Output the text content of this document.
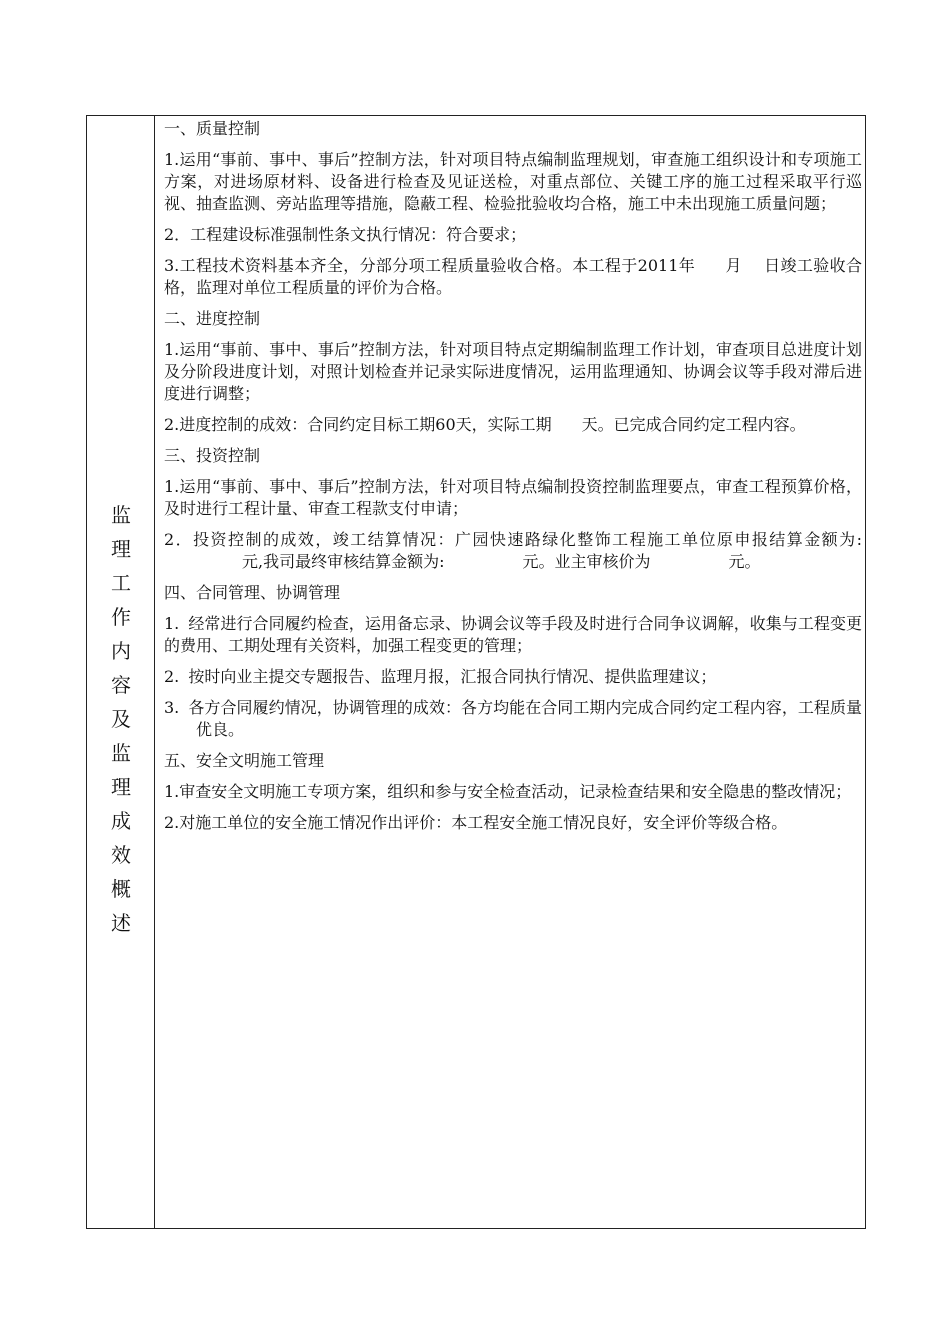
监
理
工
作
内
容
及
监
理
成
效
概
述
一、质量控制
1.运用“事前、事中、事后”控制方法，针对项目特点编制监理规划，审查施工组织设计和专项施工方案，对进场原材料、设备进行检查及见证送检，对重点部位、关键工序的施工过程采取平行巡视、抽查监测、旁站监理等措施，隐蔽工程、检验批验收均合格，施工中未出现施工质量问题；
2．工程建设标准强制性条文执行情况：符合要求；
3.工程技术资料基本齐全，分部分项工程质量验收合格。本工程于2011年 月 日竣工验收合格，监理对单位工程质量的评价为合格。
二、进度控制
1.运用“事前、事中、事后”控制方法，针对项目特点定期编制监理工作计划，审查项目总进度计划及分阶段进度计划，对照计划检查并记录实际进度情况，运用监理通知、协调会议等手段对滞后进度进行调整；
2.进度控制的成效：合同约定目标工期60天，实际工期 天。已完成合同约定工程内容。
三、投资控制
1.运用“事前、事中、事后”控制方法，针对项目特点编制投资控制监理要点，审查工程预算价格，及时进行工程计量、审查工程款支付申请；
2．投资控制的成效，竣工结算情况：广园快速路绿化整饰工程施工单位原申报结算金额为:元,我司最终审核结算金额为:	元。业主审核价为	元。
四、合同管理、协调管理
1. 经常进行合同履约检查，运用备忘录、协调会议等手段及时进行合同争议调解，收集与工程变更的费用、工期处理有关资料，加强工程变更的管理；
2. 按时向业主提交专题报告、监理月报，汇报合同执行情况、提供监理建议；
3. 各方合同履约情况，协调管理的成效：各方均能在合同工期内完成合同约定工程内容，工程质量优良。
五、安全文明施工管理
1.审查安全文明施工专项方案，组织和参与安全检查活动，记录检查结果和安全隐患的整改情况；
2.对施工单位的安全施工情况作出评价：本工程安全施工情况良好，安全评价等级合格。
